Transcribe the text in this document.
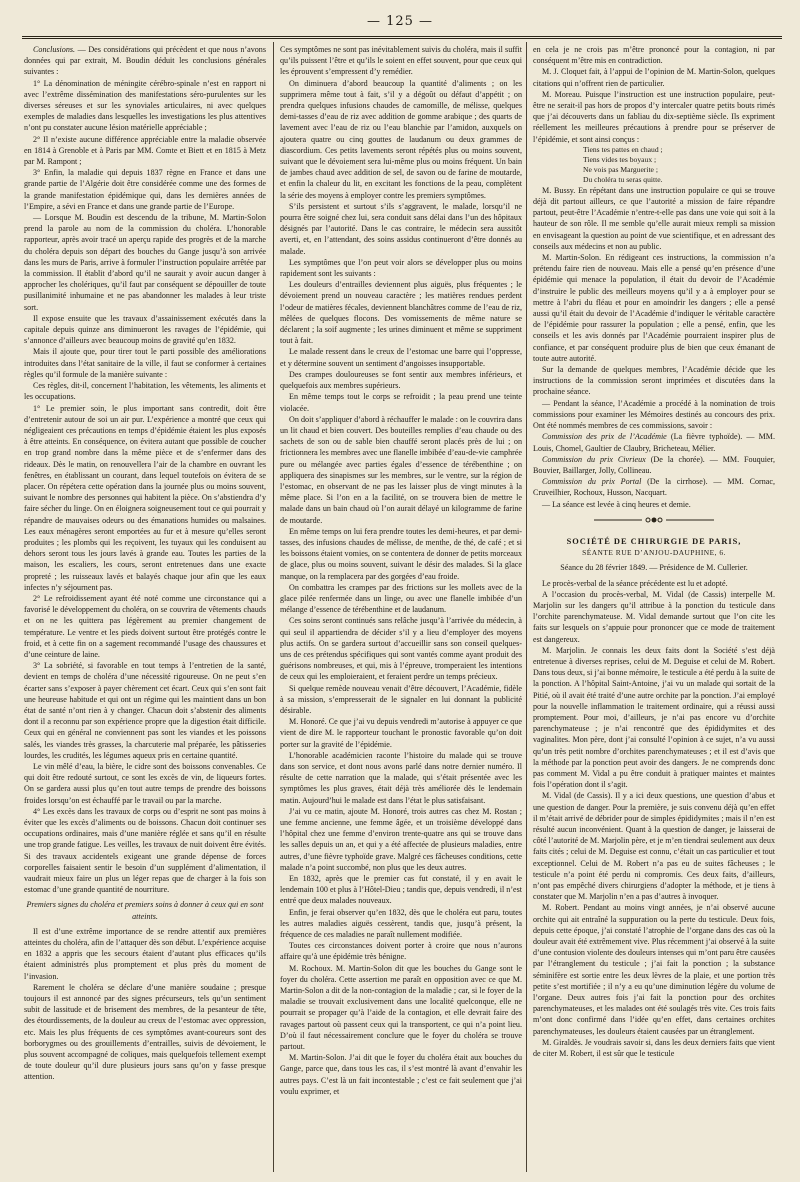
— 125 —

Conclusions. — Des considérations qui précèdent et que nous n’avons données qui par extrait, M. Boudin déduit les conclusions générales suivantes :

1° La dénomination de méningite cérébro-spinale n’est en rapport ni avec l’extrême dissémination des manifestations séro-purulentes sur les diverses séreuses et sur les synoviales articulaires, ni avec quelques exemples de maladies dans lesquelles les investigations les plus attentives n’ont pu constater aucune lésion matérielle appréciable ;

2° Il n’existe aucune différence appréciable entre la maladie observée en 1814 à Grenoble et à Paris par MM. Comte et Biett et en 1815 à Metz par M. Rampont ;

3° Enfin, la maladie qui depuis 1837 règne en France et dans une grande partie de l’Algérie doit être considérée comme une des formes de la grande manifestation épidémique qui, dans les dernières années de l’Empire, a sévi en France et dans une grande partie de l’Europe.

— Lorsque M. Boudin est descendu de la tribune, M. Martin-Solon prend la parole au nom de la commission du choléra. L’honorable rapporteur, après avoir tracé un aperçu rapide des progrès et de la marche du choléra depuis son départ des bouches du Gange jusqu’à son arrivée dans les murs de Paris, arrive à formuler l’instruction populaire arrêtée par la commission. Il établit d’abord qu’il ne saurait y avoir aucun danger à approcher les cholériques, qu’il faut par conséquent se dépouiller de toute pusillanimité inhumaine et ne pas abandonner les malades à leur triste sort.

Il expose ensuite que les travaux d’assainissement exécutés dans la capitale depuis quinze ans diminueront les ravages de l’épidémie, qui s’annonce d’ailleurs avec beaucoup moins de gravité qu’en 1832.

Mais il ajoute que, pour tirer tout le parti possible des améliorations introduites dans l’état sanitaire de la ville, il faut se conformer à certaines règles qu’il formule de la manière suivante :

Ces règles, dit-il, concernent l’habitation, les vêtements, les aliments et les occupations.

1° Le premier soin, le plus important sans contredit, doit être d’entretenir autour de soi un air pur. L’expérience a montré que ceux qui négligeaient ces précautions en temps d’épidémie étaient les plus exposés à être atteints. En conséquence, on évitera autant que possible de coucher en trop grand nombre dans la même pièce et de s’enfermer dans des rideaux. Dès le matin, on renouvellera l’air de la chambre en ouvrant les fenêtres, en établissant un courant, dans lequel toutefois on évitera de se placer. On répétera cette opération dans la journée plus ou moins souvent, suivant le nombre des personnes qui habitent la pièce. On s’abstiendra d’y faire sécher du linge. On en éloignera soigneusement tout ce qui pourrait y répandre de mauvaises odeurs ou des émanations humides ou malsaines. Les eaux ménagères seront emportées au fur et à mesure qu’elles seront produites ; les plombs qui les reçoivent, les tuyaux qui les conduisent au dehors seront tous les jours lavés à grande eau. Toutes les parties de la maison, les escaliers, les cours, seront entretenues dans une exacte propreté ; les ruisseaux lavés et balayés chaque jour afin que les eaux infectes n’y séjournent pas.

2° Le refroidissement ayant été noté comme une circonstance qui a favorisé le développement du choléra, on se couvrira de vêtements chauds et on ne les quittera pas légèrement au premier changement de température. Le ventre et les pieds doivent surtout être protégés contre le froid, et à cette fin on a sagement recommandé l’usage des chaussures et d’une ceinture de laine.

3° La sobriété, si favorable en tout temps à l’entretien de la santé, devient en temps de choléra d’une nécessité rigoureuse. On ne peut s’en écarter sans s’exposer à payer chèrement cet écart. Ceux qui s’en sont fait une heureuse habitude et qui ont un régime qui les maintient dans un bon état de santé n’ont rien à y changer. Chacun doit s’abstenir des aliments dont il a reconnu par son expérience propre que la digestion était difficile. Ceux qui en général ne conviennent pas sont les viandes et les poissons salés, les viandes très grasses, la charcuterie mal préparée, les pâtisseries lourdes, les crudités, les légumes aqueux pris en certaine quantité.

Le vin mêlé d’eau, la bière, le cidre sont des boissons convenables. Ce qui doit être redouté surtout, ce sont les excès de vin, de liqueurs fortes. On se gardera aussi plus qu’en tout autre temps de prendre des boissons froides lorsqu’on est échauffé par le travail ou par la marche.

4° Les excès dans les travaux de corps ou d’esprit ne sont pas moins à éviter que les excès d’aliments ou de boissons. Chacun doit continuer ses occupations ordinaires, mais d’une manière réglée et sans qu’il en résulte une trop grande fatigue. Les veilles, les travaux de nuit doivent être évités. Si des travaux accidentels exigeant une grande dépense de forces corporelles faisaient sentir le besoin d’un supplément d’alimentation, il vaudrait mieux faire un plus un léger repas que de charger à la fois son estomac d’une grande quantité de nourriture.

Premiers signes du choléra et premiers soins à donner à ceux qui en sont atteints.

Il est d’une extrême importance de se rendre attentif aux premières atteintes du choléra, afin de l’attaquer dès son début. L’expérience acquise en 1832 a appris que les secours étaient d’autant plus efficaces qu’ils étaient administrés plus promptement et plus près du moment de l’invasion.

Rarement le choléra se déclare d’une manière soudaine ; presque toujours il est annoncé par des signes précurseurs, tels qu’un sentiment subit de lassitude et de brisement des membres, de la pesanteur de tête, des étourdissements, de la douleur au creux de l’estomac avec oppression, etc. Mais les plus fréquents de ces symptômes avant-coureurs sont des borborygmes ou des grouillements d’entrailles, suivis de dévoiement, le plus souvent accompagné de coliques, mais quelquefois tellement exempt de toute douleur qu’il dure plusieurs jours sans qu’on y fasse presque attention.

Ces symptômes ne sont pas inévitablement suivis du choléra, mais il suffit qu’ils puissent l’être et qu’ils le soient en effet souvent, pour que ceux qui les éprouvent s’empressent d’y remédier.

On diminuera d’abord beaucoup la quantité d’aliments ; on les supprimera même tout à fait, s’il y a dégoût ou défaut d’appétit ; on prendra quelques infusions chaudes de camomille, de mélisse, quelques demi-tasses d’eau de riz avec addition de gomme arabique ; des quarts de lavement avec l’eau de riz ou l’eau blanchie par l’amidon, auxquels on ajoutera quatre ou cinq gouttes de laudanum ou deux grammes de diascordium. Ces petits lavements seront répétés plus ou moins souvent, suivant que le dévoiement sera lui-même plus ou moins fréquent. Un bain de jambes chaud avec addition de sel, de savon ou de farine de moutarde, et enfin la chaleur du lit, en excitant les fonctions de la peau, complètent la série des moyens à employer contre les premiers symptômes.

S’ils persistent et surtout s’ils s’aggravent, le malade, lorsqu’il ne pourra être soigné chez lui, sera conduit sans délai dans l’un des hôpitaux désignés par l’autorité. Dans le cas contraire, le médecin sera aussitôt averti, et, en l’attendant, des soins assidus continueront d’être donnés au malade.

Les symptômes que l’on peut voir alors se développer plus ou moins rapidement sont les suivants :

Les douleurs d’entrailles deviennent plus aiguës, plus fréquentes ; le dévoiement prend un nouveau caractère ; les matières rendues perdent l’odeur de matières fécales, deviennent blanchâtres comme de l’eau de riz, mêlées de quelques flocons. Des vomissements de même nature se déclarent ; la soif augmente ; les urines diminuent et même se suppriment tout à fait.

Le malade ressent dans le creux de l’estomac une barre qui l’oppresse, et y détermine souvent un sentiment d’angoisses insupportable.

Des crampes douloureuses se font sentir aux membres inférieurs, et quelquefois aux membres supérieurs.

En même temps tout le corps se refroidit ; la peau prend une teinte violacée.

On doit s’appliquer d’abord à réchauffer le malade : on le couvrira dans un lit chaud et bien couvert. Des bouteilles remplies d’eau chaude ou des sachets de son ou de sable bien chauffé seront placés près de lui ; on frictionnera les membres avec une flanelle imbibée d’eau-de-vie camphrée pure ou mélangée avec parties égales d’essence de térébenthine ; on appliquera des sinapismes sur les membres, sur le ventre, sur la région de l’estomac, en observant de ne pas les laisser plus de vingt minutes à la même place. Si l’on en a la facilité, on se trouvera bien de mettre le malade dans un bain chaud où l’on aurait délayé un kilogramme de farine de moutarde.

En même temps on lui fera prendre toutes les demi-heures, et par demi-tasses, des infusions chaudes de mélisse, de menthe, de thé, de café ; et si les boissons étaient vomies, on se contentera de donner de petits morceaux de glace, plus ou moins souvent, suivant le désir des malades. Si la glace manque, on la remplacera par des gorgées d’eau froide.

On combattra les crampes par des frictions sur les mollets avec de la glace pilée renfermée dans un linge, ou avec une flanelle imbibée d’un mélange d’essence de térébenthine et de laudanum.

Ces soins seront continués sans relâche jusqu’à l’arrivée du médecin, à qui seul il appartiendra de décider s’il y a lieu d’employer des moyens plus actifs. On se gardera surtout d’accueillir sans son conseil quelques-uns de ces prétendus spécifiques qui sont vantés comme ayant produit des guérisons nombreuses, et qui, mis à l’épreuve, tromperaient les intentions de ceux qui les emploieraient, et feraient perdre un temps précieux.

Si quelque remède nouveau venait d’être découvert, l’Académie, fidèle à sa mission, s’empresserait de le signaler en lui donnant la publicité désirable.

M. Honoré. Ce que j’ai vu depuis vendredi m’autorise à appuyer ce que vient de dire M. le rapporteur touchant le pronostic favorable qu’on doit porter sur la gravité de l’épidémie.

L’honorable académicien raconte l’histoire du malade qui se trouve dans son service, et dont nous avons parlé dans notre dernier numéro. Il résulte de cette narration que la malade, qui s’était présentée avec les symptômes les plus graves, était déjà très améliorée dès le lendemain matin. Aujourd’hui le malade est dans l’état le plus satisfaisant.

J’ai vu ce matin, ajoute M. Honoré, trois autres cas chez M. Rostan ; une femme ancienne, une femme âgée, et un troisième développé dans l’hôpital chez une femme d’environ trente-quatre ans qui se trouve dans les salles depuis un an, et qui y a été affectée de plusieurs maladies, entre autres, d’une fièvre typhoïde grave. Malgré ces fâcheuses conditions, cette malade n’a point succombé, non plus que les deux autres.

En 1832, après que le premier cas fut constaté, il y en avait le lendemain 100 et plus à l’Hôtel-Dieu ; tandis que, depuis vendredi, il n’est entré que deux malades nouveaux.

Enfin, je ferai observer qu’en 1832, dès que le choléra eut paru, toutes les autres maladies aiguës cessèrent, tandis que, jusqu’à présent, la fréquence de ces maladies ne paraît nullement modifiée.

Toutes ces circonstances doivent porter à croire que nous n’aurons affaire qu’à une épidémie très bénigne.

M. Rochoux. M. Martin-Solon dit que les bouches du Gange sont le foyer du choléra. Cette assertion me paraît en opposition avec ce que M. Martin-Solon a dit de la non-contagion de la maladie ; car, si le foyer de la maladie se trouvait exclusivement dans une localité quelconque, elle ne pourrait se propager qu’à l’aide de la contagion, et elle devrait faire des ravages partout où passent ceux qui la transportent, ce qui n’a point lieu. D’où il faut nécessairement conclure que le foyer du choléra se trouve partout.

M. Martin-Solon. J’ai dit que le foyer du choléra était aux bouches du Gange, parce que, dans tous les cas, il s’est montré là avant d’envahir les autres pays. C’est là un fait incontestable ; c’est ce fait seulement que j’ai voulu exprimer, et

en cela je ne crois pas m’être prononcé pour la contagion, ni par conséquent m’être mis en contradiction.

M. J. Cloquet fait, à l’appui de l’opinion de M. Martin-Solon, quelques citations qui n’offrent rien de particulier.

M. Moreau. Puisque l’instruction est une instruction populaire, peut-être ne serait-il pas hors de propos d’y intercaler quatre petits bouts rimés que j’ai découverts dans un fabliau du dix-septième siècle. Ils expriment réellement les meilleures précautions à prendre pour se préserver de l’épidémie, et sont ainsi conçus :

Tiens tes pattes en chaud ;

Tiens vides tes boyaux ;

Ne vois pas Marguerite ;

Du choléra tu seras quitte.

M. Bussy. En répétant dans une instruction populaire ce qui se trouve déjà dit partout ailleurs, ce que l’autorité a mission de faire répandre partout, peut-être l’Académie n’entre-t-elle pas dans une voie qui soit à la hauteur de son rôle. Il me semble qu’elle aurait mieux rempli sa mission en envisageant la question au point de vue scientifique, et en adressant des conseils aux médecins et non au public.

M. Martin-Solon. En rédigeant ces instructions, la commission n’a prétendu faire rien de nouveau. Mais elle a pensé qu’en présence d’une épidémie qui menace la population, il était du devoir de l’Académie d’instruire le public des meilleurs moyens qu’il y a à employer pour se mettre à l’abri du fléau et pour en amoindrir les dangers ; elle a pensé aussi qu’il était du devoir de l’Académie d’indiquer le véritable caractère de l’épidémie pour rassurer la population ; elle a pensé, enfin, que les conseils et les avis donnés par l’Académie pourraient inspirer plus de confiance, et par conséquent produire plus de bien que ceux émanant de toute autre autorité.

Sur la demande de quelques membres, l’Académie décide que les instructions de la commission seront imprimées et discutées dans la prochaine séance.

— Pendant la séance, l’Académie a procédé à la nomination de trois commissions pour examiner les Mémoires destinés au concours des prix. Ont été nommés membres de ces commissions, savoir :

Commission des prix de l’Académie (La fièvre typhoïde). — MM. Louis, Chomel, Gaultier de Claubry, Bricheteau, Mélier.

Commission du prix Civrieux (De la chorée). — MM. Fouquier, Bouvier, Baillarger, Jolly, Collineau.

Commission du prix Portal (De la cirrhose). — MM. Cornac, Cruveilhier, Rochoux, Husson, Nacquart.

— La séance est levée à cinq heures et demie.

SOCIÉTÉ DE CHIRURGIE DE PARIS,

SÉANTE RUE D’ANJOU-DAUPHINE, 6.

Séance du 28 février 1849. — Présidence de M. Cullerier.

Le procès-verbal de la séance précédente est lu et adopté.

A l’occasion du procès-verbal, M. Vidal (de Cassis) interpelle M. Marjolin sur les dangers qu’il attribue à la ponction du testicule dans l’orchite parenchymateuse. M. Vidal demande surtout que l’on cite les faits sur lesquels on s’appuie pour prononcer que ce mode de traitement est dangereux.

M. Marjolin. Je connais les deux faits dont la Société s’est déjà entretenue à diverses reprises, celui de M. Deguise et celui de M. Robert. Dans tous deux, si j’ai bonne mémoire, le testicule a été perdu à la suite de la ponction. A l’hôpital Saint-Antoine, j’ai vu un malade qui sortait de la Pitié, où il avait été traité d’une autre orchite par la ponction. J’ai employé pour la nouvelle inflammation le traitement ordinaire, qui a réussi aussi promptement. Pour moi, d’ailleurs, je n’ai pas encore vu d’orchite parenchymateuse ; je n’ai rencontré que des épididymites et des vaginalites. Mon père, dont j’ai consulté l’opinion à ce sujet, n’a vu aussi qu’un très petit nombre d’orchites parenchymateuses ; et il est d’avis que la méthode par la ponction peut avoir des dangers. Je ne comprends donc pas comment M. Vidal a pu être conduit à pratiquer maintes et maintes fois l’opération dont il s’agit.

M. Vidal (de Cassis). Il y a ici deux questions, une question d’abus et une question de danger. Pour la première, je suis convenu déjà qu’en effet il m’était arrivé de débrider pour de simples épididymites ; mais il n’en est résulté aucun inconvénient. Quant à la question de danger, je laisserai de côté l’autorité de M. Marjolin père, et je m’en tiendrai seulement aux deux faits cités ; celui de M. Deguise est connu, c’était un cas particulier et tout exceptionnel. Celui de M. Robert n’a pas eu de suites fâcheuses ; le testicule n’a point été perdu ni compromis. Ces deux faits, d’ailleurs, n’ont pas empêché divers chirurgiens d’adopter la méthode, et je tiens à constater que M. Marjolin n’en a pas d’autres à invoquer.

M. Robert. Pendant au moins vingt années, je n’ai observé aucune orchite qui ait entraîné la suppuration ou la perte du testicule. Deux fois, depuis cette époque, j’ai constaté l’atrophie de l’organe dans des cas où la douleur avait été extrêmement vive. Plus récemment j’ai observé à la suite d’une contusion violente des douleurs intenses qui m’ont paru être causées par l’étranglement du testicule ; j’ai fait la ponction ; la substance séminifère est sortie entre les deux lèvres de la plaie, et une portion très petite s’est mortifiée ; il n’y a eu qu’une diminution légère du volume de l’organe. Deux autres fois j’ai fait la ponction pour des orchites parenchymateuses, et les malades ont été soulagés très vite. Ces trois faits m’ont donc confirmé dans l’idée qu’en effet, dans certaines orchites parenchymateuses, les douleurs étaient causées par un étranglement.

M. Giraldès. Je voudrais savoir si, dans les deux derniers faits que vient de citer M. Robert, il est sûr que le testicule
